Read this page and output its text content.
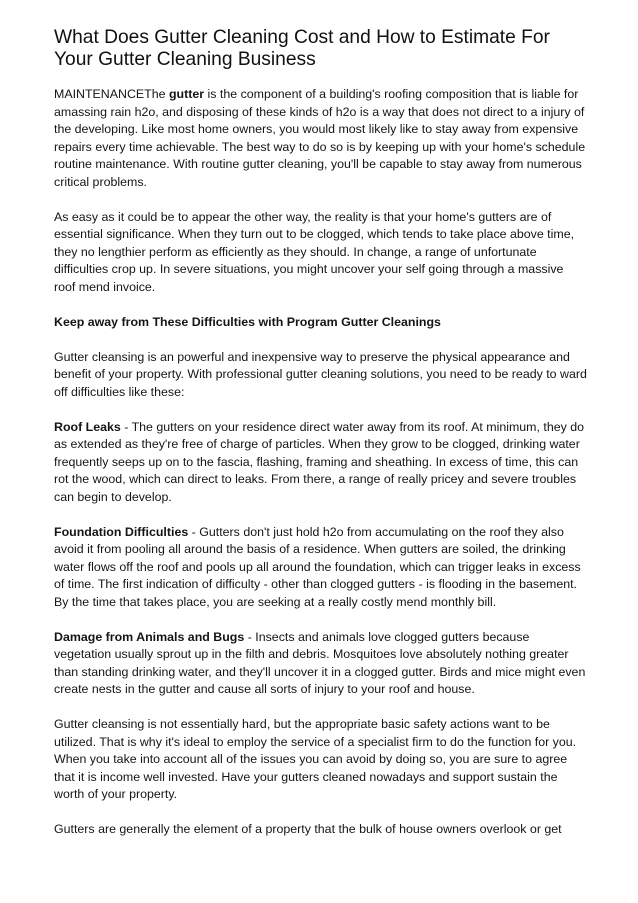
What Does Gutter Cleaning Cost and How to Estimate For
Your Gutter Cleaning Business

MAINTENANCEThe gutter is the component of a building's roofing composition that is liable for amassing rain h2o, and disposing of these kinds of h2o is a way that does not direct to a injury of the developing. Like most home owners, you would most likely like to stay away from expensive repairs every time achievable. The best way to do so is by keeping up with your home's schedule routine maintenance. With routine gutter cleaning, you'll be capable to stay away from numerous critical problems.

As easy as it could be to appear the other way, the reality is that your home's gutters are of essential significance. When they turn out to be clogged, which tends to take place above time, they no lengthier perform as efficiently as they should. In change, a range of unfortunate difficulties crop up. In severe situations, you might uncover your self going through a massive roof mend invoice.

Keep away from These Difficulties with Program Gutter Cleanings

Gutter cleansing is an powerful and inexpensive way to preserve the physical appearance and benefit of your property. With professional gutter cleaning solutions, you need to be ready to ward off difficulties like these:

Roof Leaks - The gutters on your residence direct water away from its roof. At minimum, they do as extended as they're free of charge of particles. When they grow to be clogged, drinking water frequently seeps up on to the fascia, flashing, framing and sheathing. In excess of time, this can rot the wood, which can direct to leaks. From there, a range of really pricey and severe troubles can begin to develop.

Foundation Difficulties - Gutters don't just hold h2o from accumulating on the roof they also avoid it from pooling all around the basis of a residence. When gutters are soiled, the drinking water flows off the roof and pools up all around the foundation, which can trigger leaks in excess of time. The first indication of difficulty - other than clogged gutters - is flooding in the basement. By the time that takes place, you are seeking at a really costly mend monthly bill.

Damage from Animals and Bugs - Insects and animals love clogged gutters because vegetation usually sprout up in the filth and debris. Mosquitoes love absolutely nothing greater than standing drinking water, and they'll uncover it in a clogged gutter. Birds and mice might even create nests in the gutter and cause all sorts of injury to your roof and house.

Gutter cleansing is not essentially hard, but the appropriate basic safety actions want to be utilized. That is why it's ideal to employ the service of a specialist firm to do the function for you. When you take into account all of the issues you can avoid by doing so, you are sure to agree that it is income well invested. Have your gutters cleaned nowadays and support sustain the worth of your property.

Gutters are generally the element of a property that the bulk of house owners overlook or get
